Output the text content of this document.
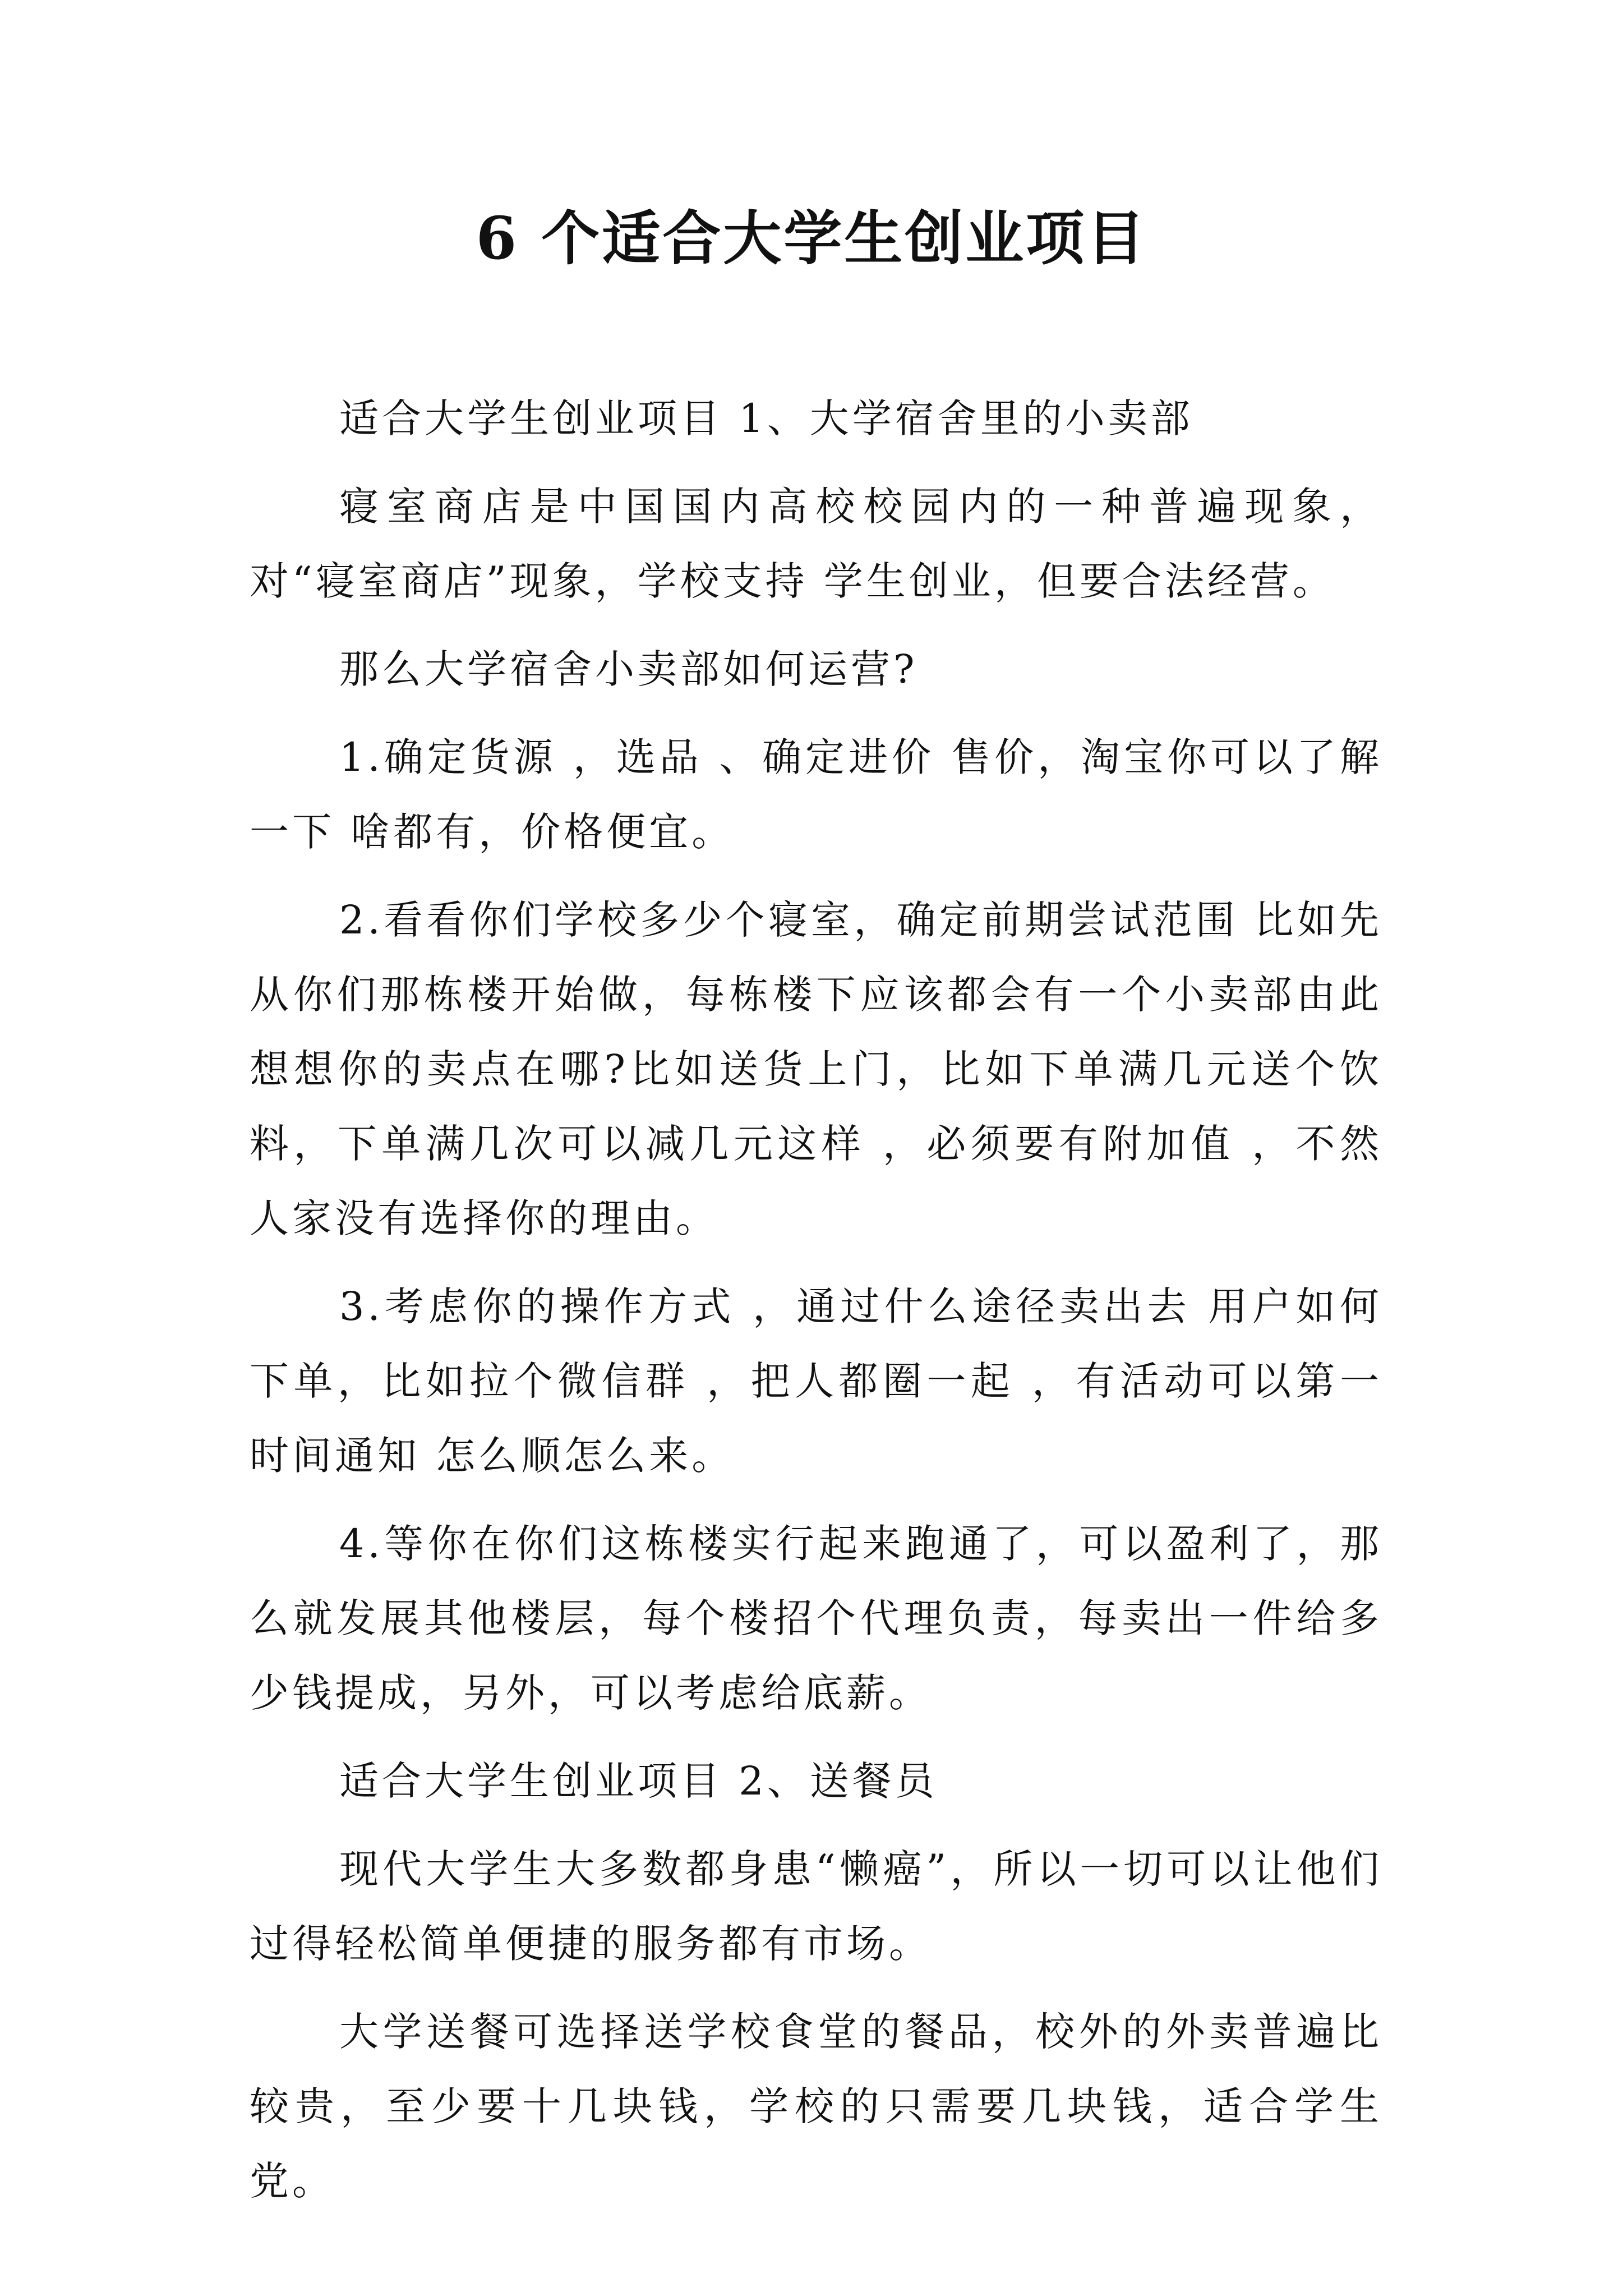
6 个适合大学生创业项目

适合大学生创业项目 1、大学宿舍里的小卖部

寝室商店是中国国内高校校园内的一种普遍现象，对“寝室商店”现象，学校支持 学生创业，但要合法经营。

那么大学宿舍小卖部如何运营?

1.确定货源 ，选品 、确定进价 售价，淘宝你可以了解一下 啥都有，价格便宜。

2.看看你们学校多少个寝室，确定前期尝试范围 比如先从你们那栋楼开始做，每栋楼下应该都会有一个小卖部由此 想想你的卖点在哪?比如送货上门，比如下单满几元送个饮料，下单满几次可以减几元这样 ，必须要有附加值 ，不然人家没有选择你的理由。

3.考虑你的操作方式 ，通过什么途径卖出去 用户如何下单，比如拉个微信群 ，把人都圈一起 ，有活动可以第一时间通知 怎么顺怎么来。

4.等你在你们这栋楼实行起来跑通了，可以盈利了，那么就发展其他楼层，每个楼招个代理负责，每卖出一件给多少钱提成，另外，可以考虑给底薪。

适合大学生创业项目 2、送餐员

现代大学生大多数都身患“懒癌”，所以一切可以让他们过得轻松简单便捷的服务都有市场。

大学送餐可选择送学校食堂的餐品，校外的外卖普遍比较贵，至少要十几块钱，学校的只需要几块钱，适合学生党。
